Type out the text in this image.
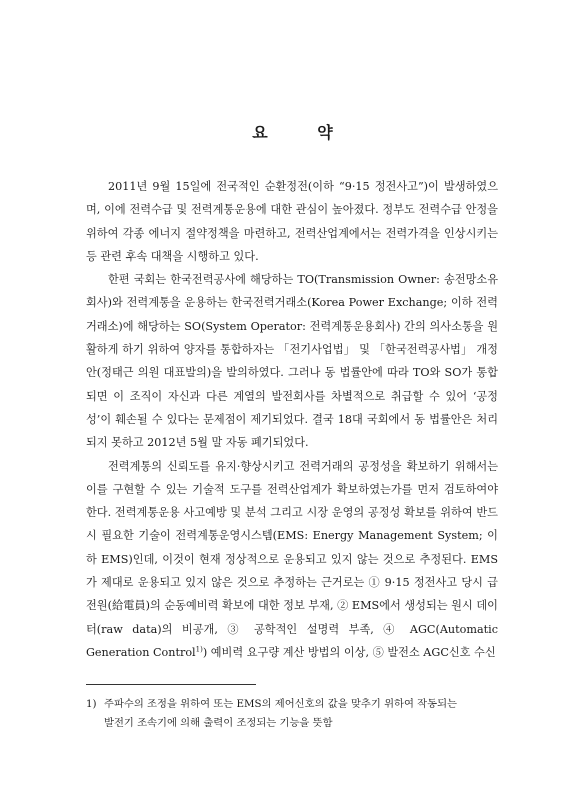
요 약

2011년 9월 15일에 전국적인 순환정전(이하 “9·15 정전사고”)이 발생하였으며, 이에 전력수급 및 전력계통운용에 대한 관심이 높아졌다. 정부도 전력수급 안정을 위하여 각종 에너지 절약정책을 마련하고, 전력산업계에서는 전력가격을 인상시키는 등 관련 후속 대책을 시행하고 있다.

한편 국회는 한국전력공사에 해당하는 TO(Transmission Owner: 송전망소유회사)와 전력계통을 운용하는 한국전력거래소(Korea Power Exchange; 이하 전력거래소)에 해당하는 SO(System Operator: 전력계통운용회사) 간의 의사소통을 원활하게 하기 위하여 양자를 통합하자는 「전기사업법」 및 「한국전력공사법」 개정안(정태근 의원 대표발의)을 발의하였다. 그러나 동 법률안에 따라 TO와 SO가 통합되면 이 조직이 자신과 다른 계열의 발전회사를 차별적으로 취급할 수 있어 ‘공정성’이 훼손될 수 있다는 문제점이 제기되었다. 결국 18대 국회에서 동 법률안은 처리되지 못하고 2012년 5월 말 자동 폐기되었다.

전력계통의 신뢰도를 유지·향상시키고 전력거래의 공정성을 확보하기 위해서는 이를 구현할 수 있는 기술적 도구를 전력산업계가 확보하였는가를 먼저 검토하여야 한다. 전력계통운용 사고예방 및 분석 그리고 시장 운영의 공정성 확보를 위하여 반드시 필요한 기술이 전력계통운영시스템(EMS: Energy Management System; 이하 EMS)인데, 이것이 현재 정상적으로 운용되고 있지 않는 것으로 추정된다. EMS가 제대로 운용되고 있지 않은 것으로 추정하는 근거로는 ① 9·15 정전사고 당시 급전원(給電員)의 순동예비력 확보에 대한 정보 부재, ② EMS에서 생성되는 원시 데이터(raw data)의 비공개, ③ 공학적인 설명력 부족, ④ AGC(Automatic Generation Control$^{1)}$) 예비력 요구량 계산 방법의 이상, ⑤ 발전소 AGC신호 수신

1) 주파수의 조정을 위하여 또는 EMS의 제어신호의 값을 맞추기 위하여 작동되는
발전기 조속기에 의해 출력이 조정되는 기능을 뜻함
